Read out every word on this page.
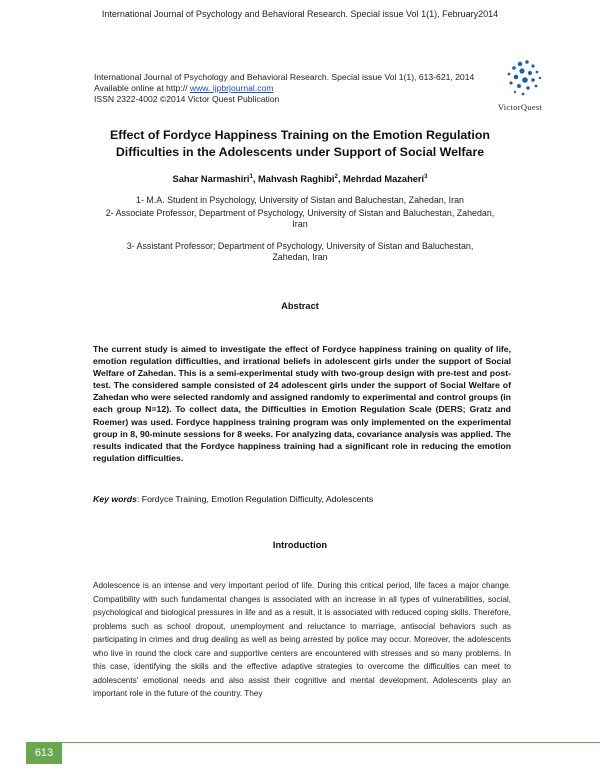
International Journal of Psychology and Behavioral Research. Special issue Vol 1(1), February2014
International Journal of Psychology and Behavioral Research. Special issue Vol 1(1), 613-621, 2014
Available online at http:// www. ijpbrjournal.com
ISSN 2322-4002 ©2014 Victor Quest Publication
VictorQuest
Effect of Fordyce Happiness Training on the Emotion Regulation
Difficulties in the Adolescents under Support of Social Welfare
Sahar Narmashiri$^1$, Mahvash Raghibi$^2$, Mehrdad Mazaheri$^3$
1- M.A. Student in Psychology, University of Sistan and Baluchestan, Zahedan, Iran
2- Associate Professor, Department of Psychology, University of Sistan and Baluchestan, Zahedan,
Iran
3- Assistant Professor; Department of Psychology, University of Sistan and Baluchestan,
Zahedan, Iran
Abstract
The current study is aimed to investigate the effect of Fordyce happiness training on quality of life, emotion regulation difficulties, and irrational beliefs in adolescent girls under the support of Social Welfare of Zahedan. This is a semi-experimental study with two-group design with pre-test and post-test. The considered sample consisted of 24 adolescent girls under the support of Social Welfare of Zahedan who were selected randomly and assigned randomly to experimental and control groups (in each group N=12). To collect data, the Difficulties in Emotion Regulation Scale (DERS; Gratz and Roemer) was used. Fordyce happiness training program was only implemented on the experimental group in 8, 90-minute sessions for 8 weeks. For analyzing data, covariance analysis was applied. The results indicated that the Fordyce happiness training had a significant role in reducing the emotion regulation difficulties.
Key words: Fordyce Training, Emotion Regulation Difficulty, Adolescents
Introduction
Adolescence is an intense and very important period of life. During this critical period, life faces a major change. Compatibility with such fundamental changes is associated with an increase in all types of vulnerabilities, social, psychological and biological pressures in life and as a result, it is associated with reduced coping skills. Therefore, problems such as school dropout, unemployment and reluctance to marriage, antisocial behaviors such as participating in crimes and drug dealing as well as being arrested by police may occur. Moreover, the adolescents who live in round the clock care and supportive centers are encountered with stresses and so many problems. In this case, identifying the skills and the effective adaptive strategies to overcome the difficulties can meet to adolescents' emotional needs and also assist their cognitive and mental development. Adolescents play an important role in the future of the country. They
613
